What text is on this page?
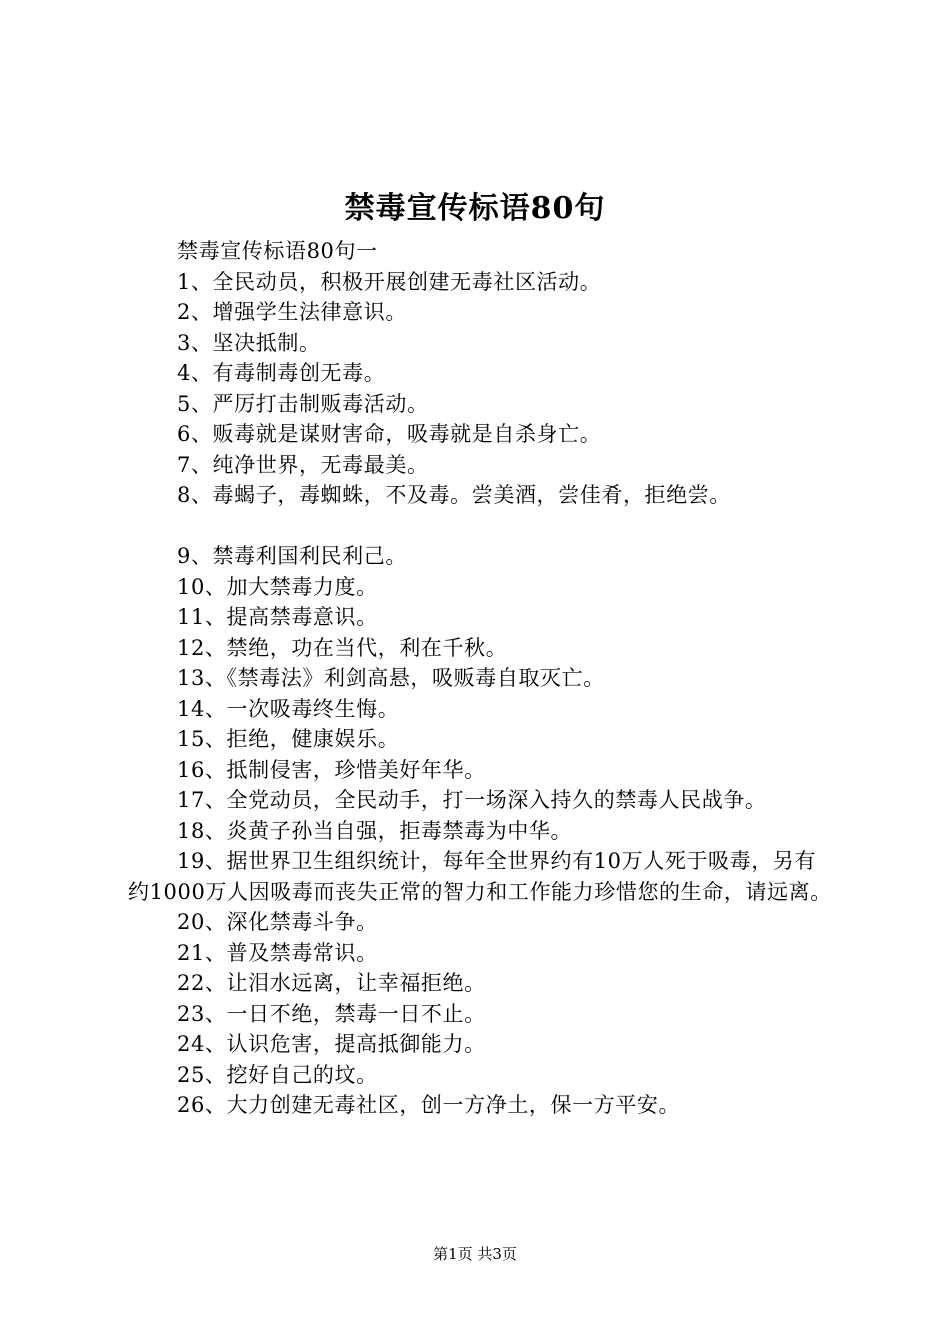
禁毒宣传标语80句

禁毒宣传标语80句一

1、全民动员，积极开展创建无毒社区活动。

2、增强学生法律意识。

3、坚决抵制。

4、有毒制毒创无毒。

5、严厉打击制贩毒活动。

6、贩毒就是谋财害命，吸毒就是自杀身亡。

7、纯净世界，无毒最美。

8、毒蝎子，毒蜘蛛，不及毒。尝美酒，尝佳肴，拒绝尝。

9、禁毒利国利民利己。

10、加大禁毒力度。

11、提高禁毒意识。

12、禁绝，功在当代，利在千秋。

13、《禁毒法》利剑高悬，吸贩毒自取灭亡。

14、一次吸毒终生悔。

15、拒绝，健康娱乐。

16、抵制侵害，珍惜美好年华。

17、全党动员，全民动手，打一场深入持久的禁毒人民战争。

18、炎黄子孙当自强，拒毒禁毒为中华。

19、据世界卫生组织统计，每年全世界约有10万人死于吸毒，另有约1000万人因吸毒而丧失正常的智力和工作能力珍惜您的生命，请远离。

20、深化禁毒斗争。

21、普及禁毒常识。

22、让泪水远离，让幸福拒绝。

23、一日不绝，禁毒一日不止。

24、认识危害，提高抵御能力。

25、挖好自己的坟。

26、大力创建无毒社区，创一方净土，保一方平安。

第1页 共3页
